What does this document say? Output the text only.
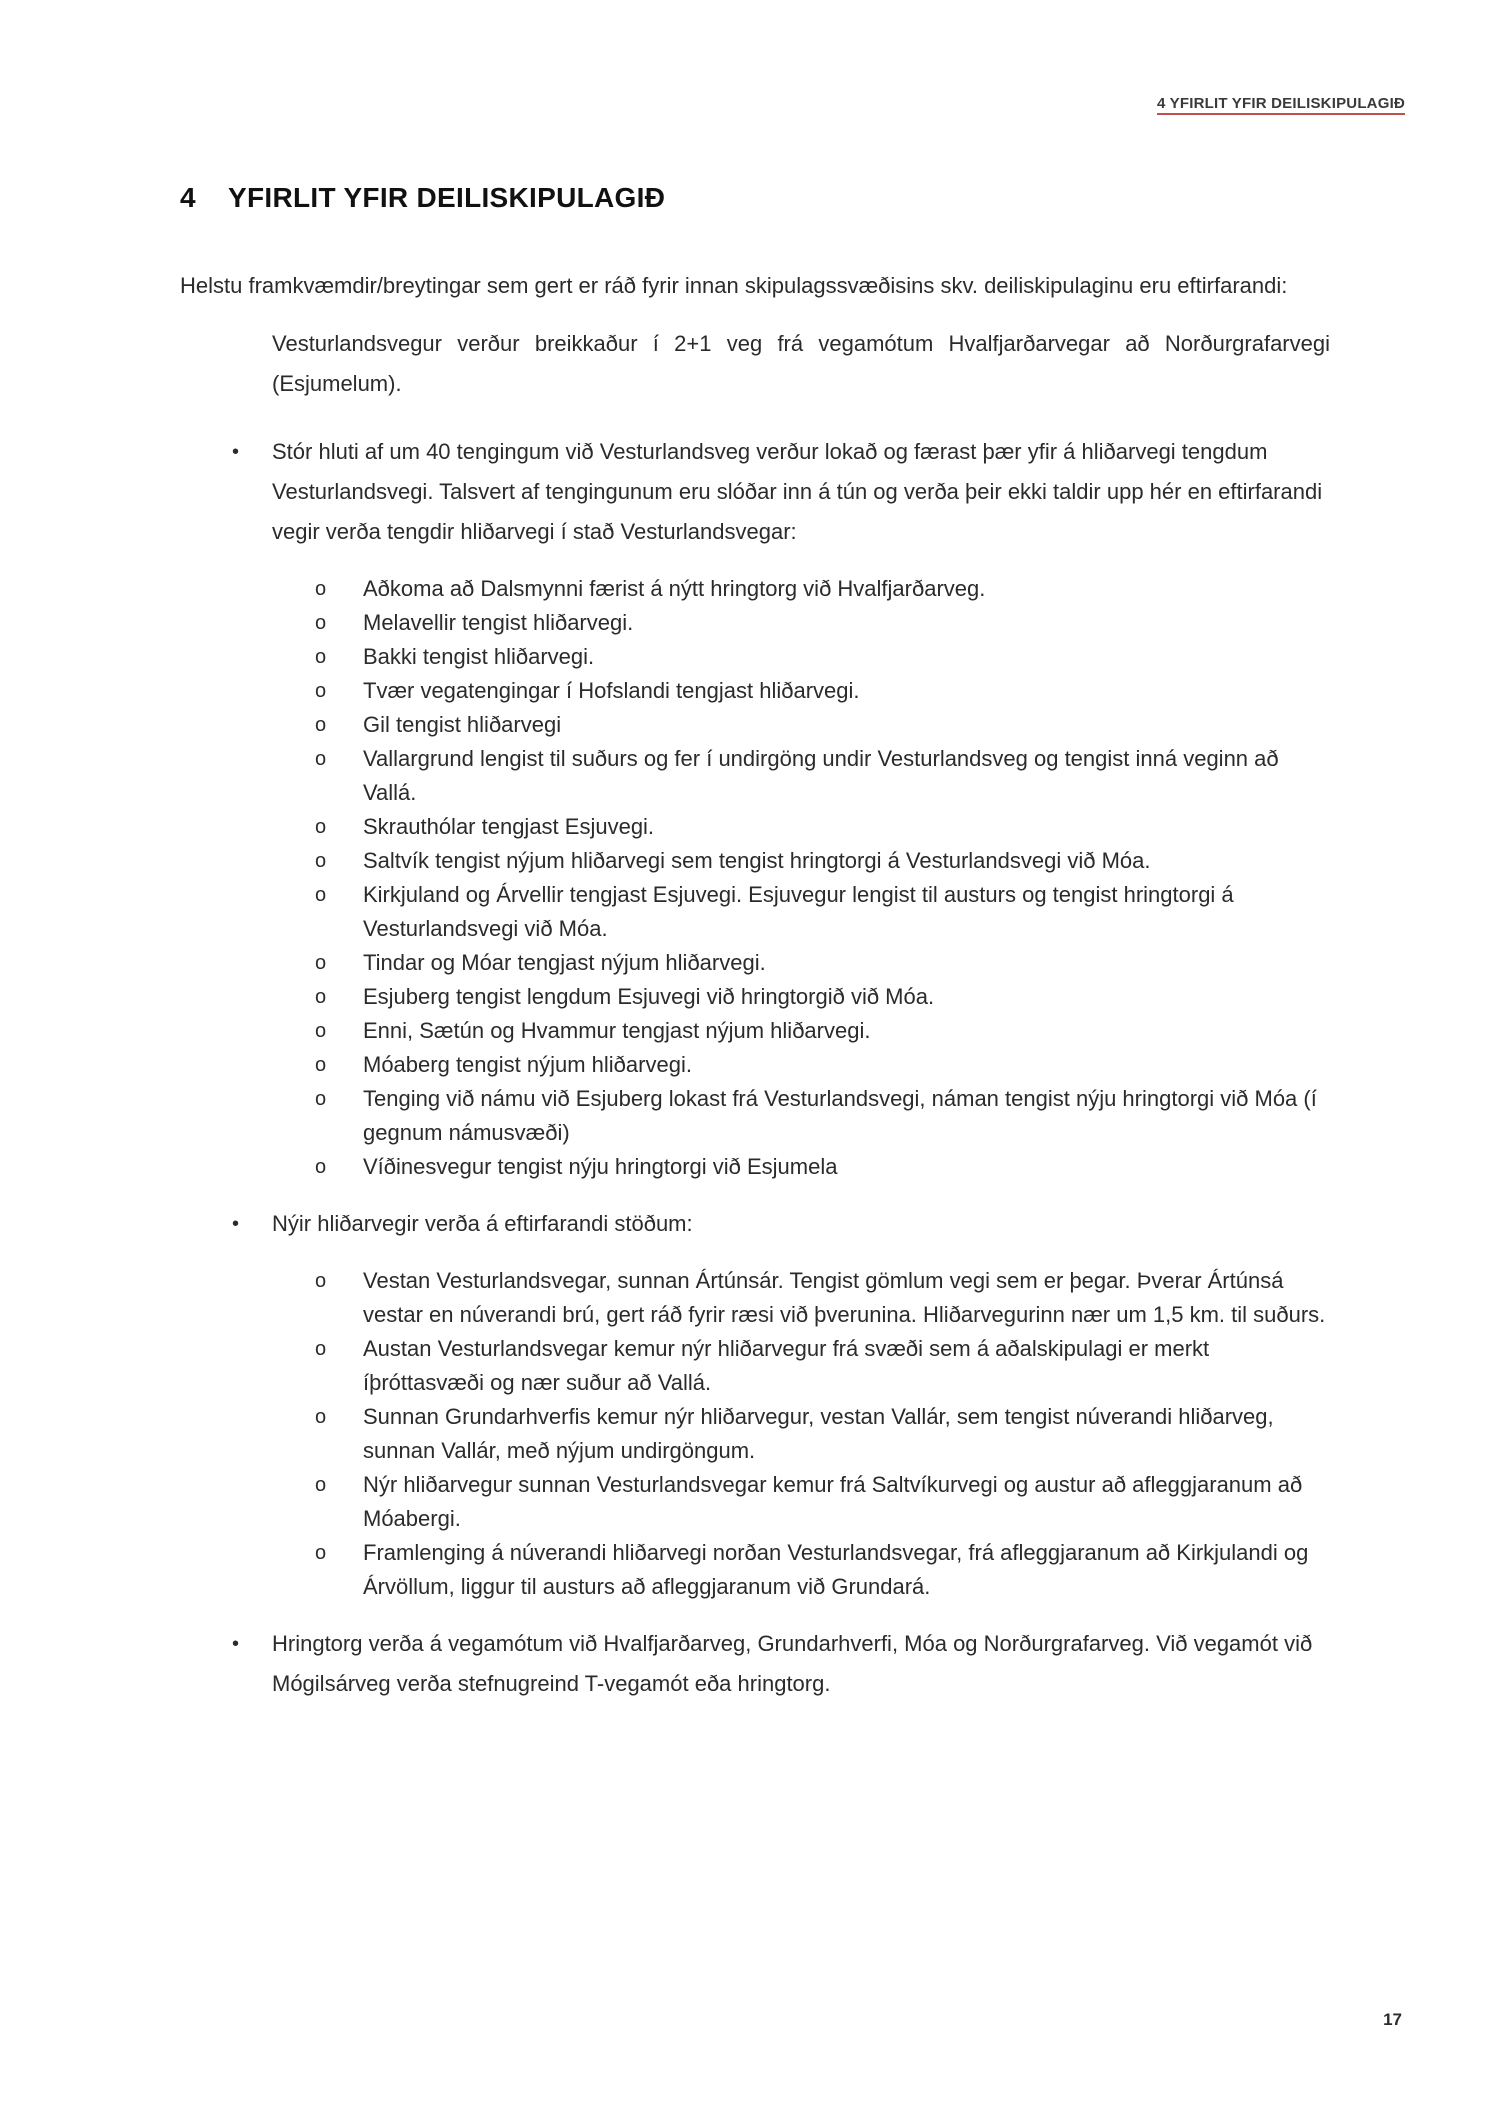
4 YFIRLIT YFIR DEILISKIPULAGIÐ
4 YFIRLIT YFIR DEILISKIPULAGIÐ

Helstu framkvæmdir/breytingar sem gert er ráð fyrir innan skipulagssvæðisins skv. deiliskipulaginu eru eftirfarandi:

Vesturlandsvegur verður breikkaður í 2+1 veg frá vegamótum Hvalfjarðarvegar að Norðurgrafarvegi (Esjumelum).

• Stór hluti af um 40 tengingum við Vesturlandsveg verður lokað og færast þær yfir á hliðarvegi tengdum Vesturlandsvegi. Talsvert af tengingunum eru slóðar inn á tún og verða þeir ekki taldir upp hér en eftirfarandi vegir verða tengdir hliðarvegi í stað Vesturlandsvegar:

o Aðkoma að Dalsmynni færist á nýtt hringtorg við Hvalfjarðarveg.
o Melavellir tengist hliðarvegi.
o Bakki tengist hliðarvegi.
o Tvær vegatengingar í Hofslandi tengjast hliðarvegi.
o Gil tengist hliðarvegi
o Vallargrund lengist til suðurs og fer í undirgöng undir Vesturlandsveg og tengist inná veginn að Vallá.
o Skrauthólar tengjast Esjuvegi.
o Saltvík tengist nýjum hliðarvegi sem tengist hringtorgi á Vesturlandsvegi við Móa.
o Kirkjuland og Árvellir tengjast Esjuvegi. Esjuvegur lengist til austurs og tengist hringtorgi á Vesturlandsvegi við Móa.
o Tindar og Móar tengjast nýjum hliðarvegi.
o Esjuberg tengist lengdum Esjuvegi við hringtorgið við Móa.
o Enni, Sætún og Hvammur tengjast nýjum hliðarvegi.
o Móaberg tengist nýjum hliðarvegi.
o Tenging við námu við Esjuberg lokast frá Vesturlandsvegi, náman tengist nýju hringtorgi við Móa (í gegnum námusvæði)
o Víðinesvegur tengist nýju hringtorgi við Esjumela
• Nýir hliðarvegir verða á eftirfarandi stöðum:

o Vestan Vesturlandsvegar, sunnan Ártúnsár. Tengist gömlum vegi sem er þegar. Þverar Ártúnsá vestar en núverandi brú, gert ráð fyrir ræsi við þverunina. Hliðarvegurinn nær um 1,5 km. til suðurs.
o Austan Vesturlandsvegar kemur nýr hliðarvegur frá svæði sem á aðalskipulagi er merkt íþróttasvæði og nær suður að Vallá.
o Sunnan Grundarhverfis kemur nýr hliðarvegur, vestan Vallár, sem tengist núverandi hliðarveg, sunnan Vallár, með nýjum undirgöngum.
o Nýr hliðarvegur sunnan Vesturlandsvegar kemur frá Saltvíkurvegi og austur að afleggjaranum að Móabergi.
o Framlenging á núverandi hliðarvegi norðan Vesturlandsvegar, frá afleggjaranum að Kirkjulandi og Árvöllum, liggur til austurs að afleggjaranum við Grundará.
• Hringtorg verða á vegamótum við Hvalfjarðarveg, Grundarhverfi, Móa og Norðurgrafarveg. Við vegamót við Mógilsárveg verða stefnugreind T-vegamót eða hringtorg.

17
